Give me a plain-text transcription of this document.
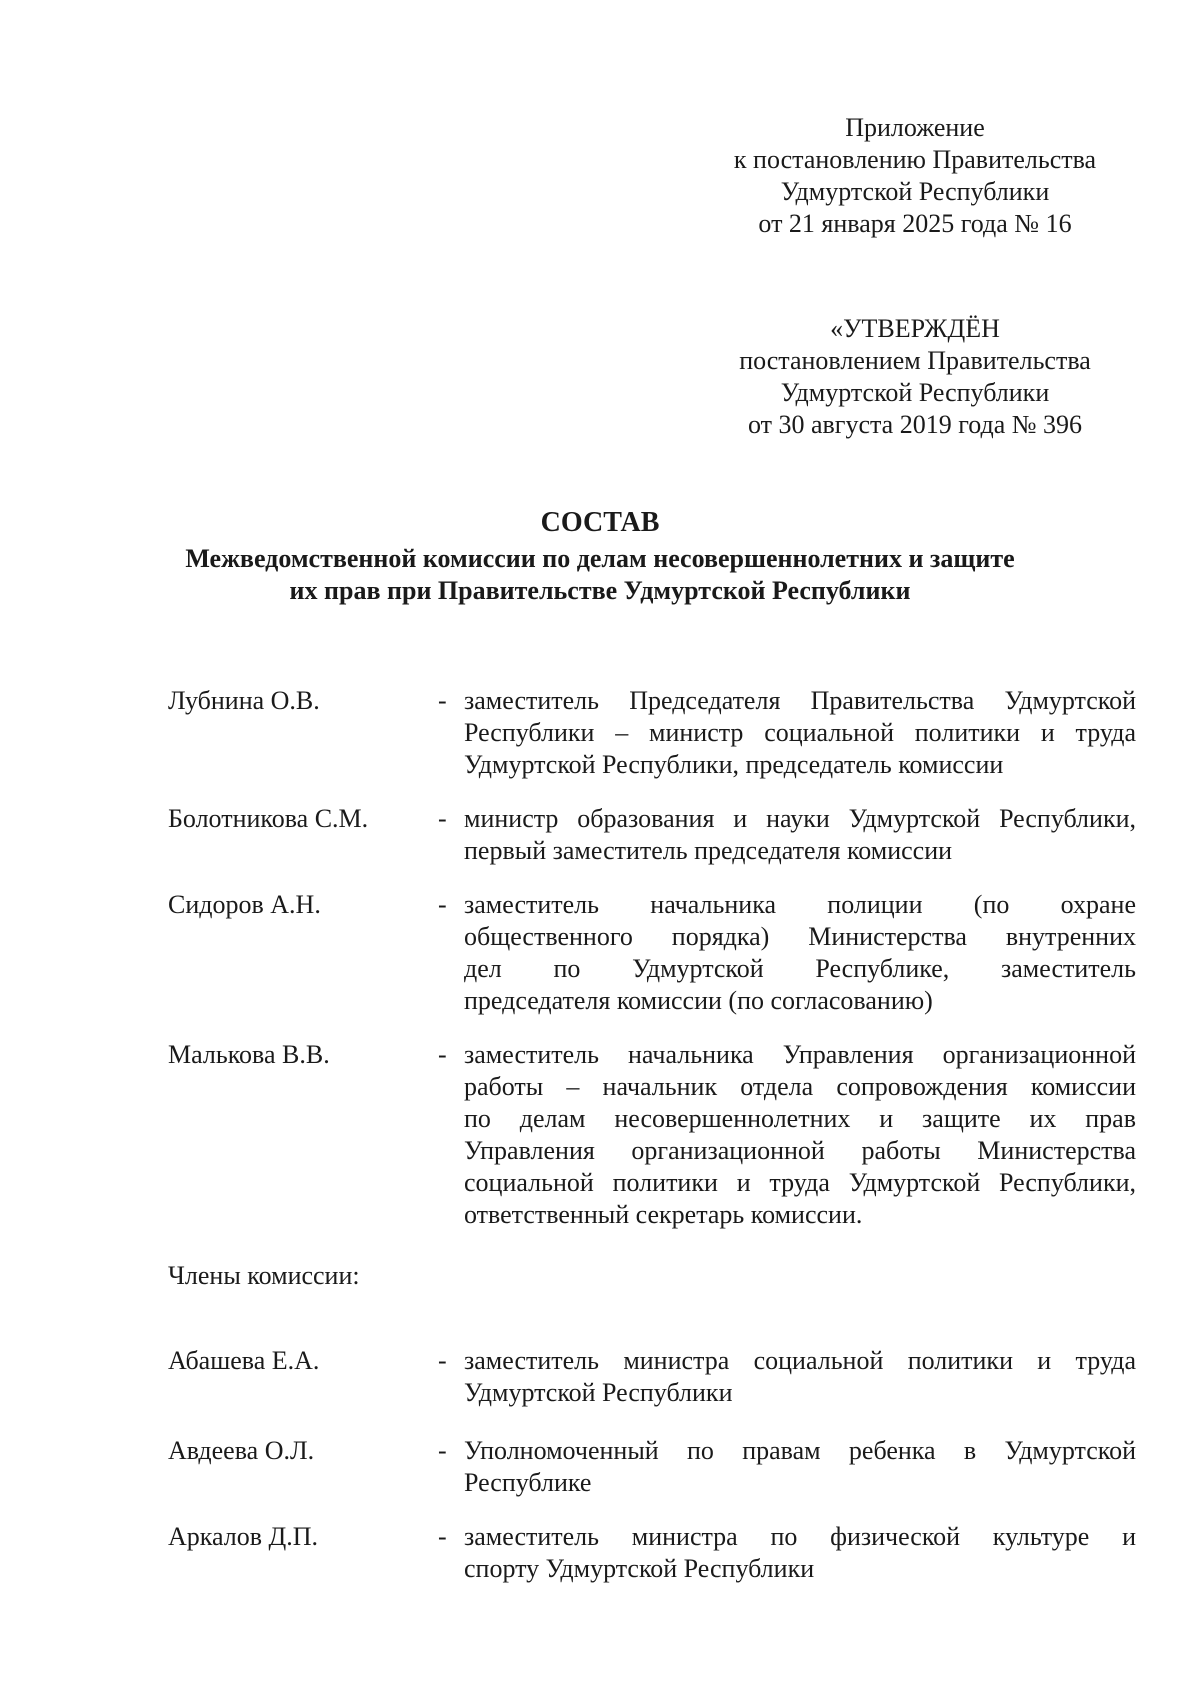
Приложение
к постановлению Правительства
Удмуртской Республики
от 21 января 2025 года № 16
«УТВЕРЖДЁН
постановлением Правительства
Удмуртской Республики
от 30 августа 2019 года № 396
СОСТАВ
Межведомственной комиссии по делам несовершеннолетних и защите
их прав при Правительстве Удмуртской Республики
Лубнина О.В.	- заместитель Председателя Правительства Удмуртской
Республики – министр социальной политики и труда
Удмуртской Республики, председатель комиссии
Болотникова С.М.	- министр образования и науки Удмуртской Республики,
первый заместитель председателя комиссии
Сидоров А.Н.	- заместитель начальника полиции (по охране
общественного порядка) Министерства внутренних
дел по Удмуртской Республике, заместитель
председателя комиссии (по согласованию)
Малькова В.В.	- заместитель начальника Управления организационной
работы – начальник отдела сопровождения комиссии
по делам несовершеннолетних и защите их прав
Управления организационной работы Министерства
социальной политики и труда Удмуртской Республики,
ответственный секретарь комиссии.
Члены комиссии:
Абашева Е.А.	- заместитель министра социальной политики и труда
Удмуртской Республики
Авдеева О.Л.	- Уполномоченный по правам ребенка в Удмуртской
Республике
Аркалов Д.П.	- заместитель министра по физической культуре и
спорту Удмуртской Республики
